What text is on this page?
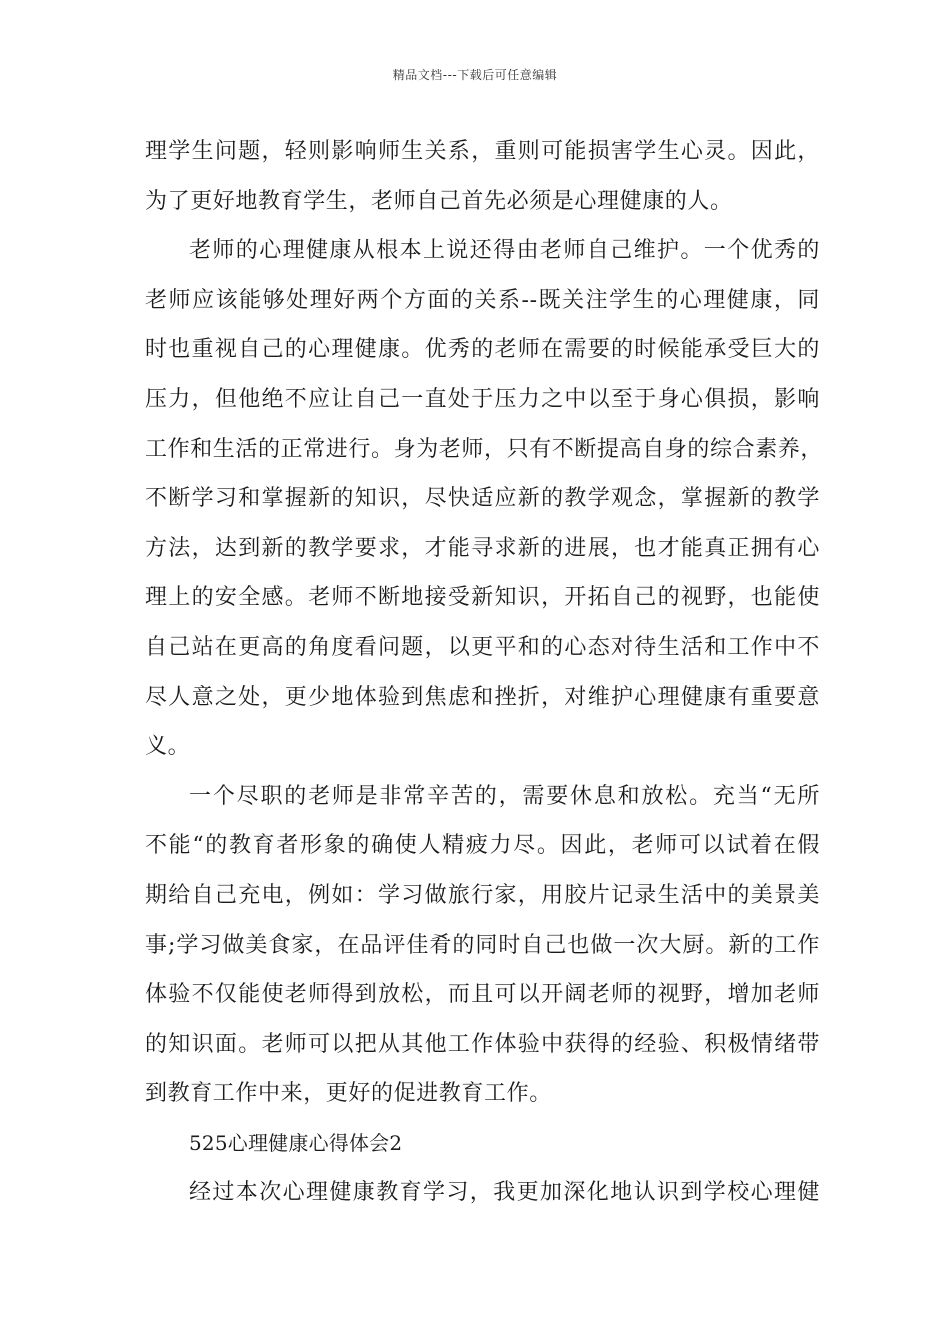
精品文档---下载后可任意编辑
理学生问题，轻则影响师生关系，重则可能损害学生心灵。因此，
为了更好地教育学生，老师自己首先必须是心理健康的人。
老师的心理健康从根本上说还得由老师自己维护。一个优秀的
老师应该能够处理好两个方面的关系--既关注学生的心理健康，同
时也重视自己的心理健康。优秀的老师在需要的时候能承受巨大的
压力，但他绝不应让自己一直处于压力之中以至于身心俱损，影响
工作和生活的正常进行。身为老师，只有不断提高自身的综合素养，
不断学习和掌握新的知识，尽快适应新的教学观念，掌握新的教学
方法，达到新的教学要求，才能寻求新的进展，也才能真正拥有心
理上的安全感。老师不断地接受新知识，开拓自己的视野，也能使
自己站在更高的角度看问题，以更平和的心态对待生活和工作中不
尽人意之处，更少地体验到焦虑和挫折，对维护心理健康有重要意
义。
一个尽职的老师是非常辛苦的，需要休息和放松。充当“无所
不能“的教育者形象的确使人精疲力尽。因此，老师可以试着在假
期给自己充电，例如：学习做旅行家，用胶片记录生活中的美景美
事;学习做美食家，在品评佳肴的同时自己也做一次大厨。新的工作
体验不仅能使老师得到放松，而且可以开阔老师的视野，增加老师
的知识面。老师可以把从其他工作体验中获得的经验、积极情绪带
到教育工作中来，更好的促进教育工作。
525心理健康心得体会2
经过本次心理健康教育学习，我更加深化地认识到学校心理健
